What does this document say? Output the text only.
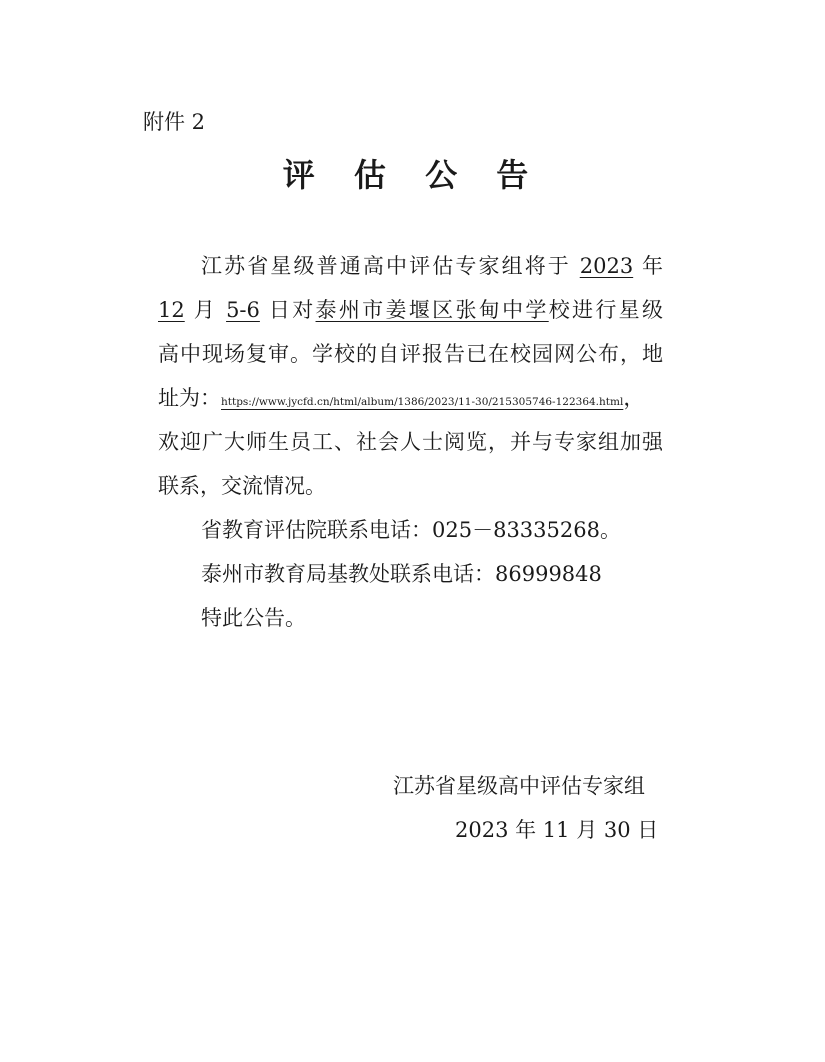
附件 2
评 估 公 告
江苏省星级普通高中评估专家组将于 2023 年
12 月 5-6 日对泰州市姜堰区张甸中学校进行星级
高中现场复审。学校的自评报告已在校园网公布，地
址为：https://www.jycfd.cn/html/album/1386/2023/11-30/215305746-122364.html，
欢迎广大师生员工、社会人士阅览，并与专家组加强
联系，交流情况。
省教育评估院联系电话：025－83335268。
泰州市教育局基教处联系电话：86999848
特此公告。
江苏省星级高中评估专家组
2023 年 11 月 30 日
